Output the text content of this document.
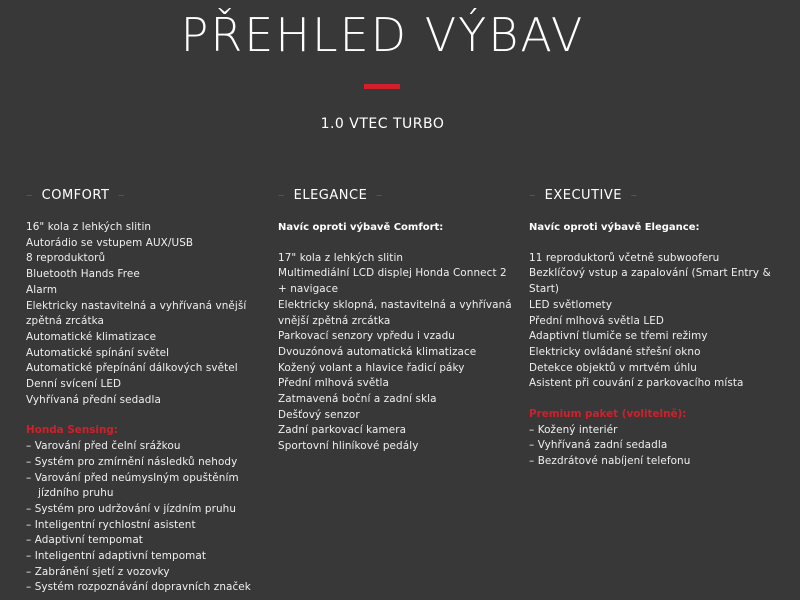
PŘEHLED VÝBAV
1.0 VTEC TURBO
– COMFORT –
16" kola z lehkých slitin
Autorádio se vstupem AUX/USB
8 reproduktorů
Bluetooth Hands Free
Alarm
Elektricky nastavitelná a vyhřívaná vnější zpětná zrcátka
Automatické klimatizace
Automatické spínání světel
Automatické přepínání dálkových světel
Denní svícení LED
Vyhřívaná přední sedadla
Honda Sensing:
– Varování před čelní srážkou
– Systém pro zmírnění následků nehody
– Varování před neúmyslným opuštěním jízdního pruhu
– Systém pro udržování v jízdním pruhu
– Inteligentní rychlostní asistent
– Adaptivní tempomat
– Inteligentní adaptivní tempomat
– Zabránění sjetí z vozovky
– Systém rozpoznávání dopravních značek
– ELEGANCE –
Navíc oproti výbavě Comfort:
17" kola z lehkých slitin
Multimediální LCD displej Honda Connect 2 + navigace
Elektricky sklopná, nastavitelná a vyhřívaná vnější zpětná zrcátka
Parkovací senzory vpředu i vzadu
Dvouzónová automatická klimatizace
Kožený volant a hlavice řadicí páky
Přední mlhová světla
Zatmavená boční a zadní skla
Dešťový senzor
Zadní parkovací kamera
Sportovní hliníkové pedály
– EXECUTIVE –
Navíc oproti výbavě Elegance:
11 reproduktorů včetně subwooferu
Bezklíčový vstup a zapalování (Smart Entry & Start)
LED světlomety
Přední mlhová světla LED
Adaptivní tlumiče se třemi režimy
Elektricky ovládané střešní okno
Detekce objektů v mrtvém úhlu
Asistent při couvání z parkovacího místa
Premium paket (volitelně):
– Kožený interiér
– Vyhřívaná zadní sedadla
– Bezdrátové nabíjení telefonu
